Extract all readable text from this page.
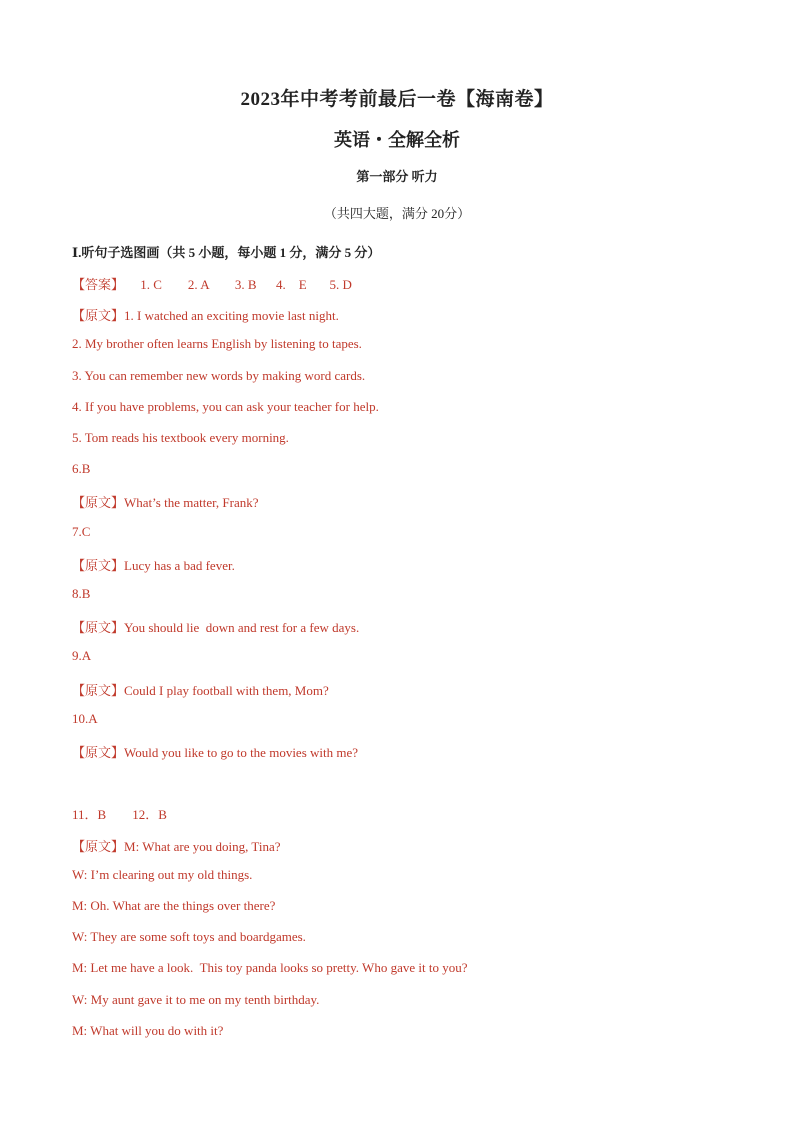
2023年中考考前最后一卷【海南卷】
英语・全解全析
第一部分 听力
（共四大题，满分 20分）
Ⅰ.听句子选图画（共 5 小题，每小题 1 分，满分 5 分）
【答案】     1. C        2. A        3. B      4.    E       5. D
【原文】1. I watched an exciting movie last night.
2. My brother often learns English by listening to tapes.
3. You can remember new words by making word cards.
4. If you have problems, you can ask your teacher for help.
5. Tom reads his textbook every morning.
6.B
【原文】What’s the matter, Frank?
7.C
【原文】Lucy has a bad fever.
8.B
【原文】You should lie  down and rest for a few days.
9.A
【原文】Could I play football with them, Mom?
10.A
【原文】Would you like to go to the movies with me?
11．B        12．B
【原文】M: What are you doing, Tina?
W: I’m clearing out my old things.
M: Oh. What are the things over there?
W: They are some soft toys and boardgames.
M: Let me have a look.  This toy panda looks so pretty. Who gave it to you?
W: My aunt gave it to me on my tenth birthday.
M: What will you do with it?
